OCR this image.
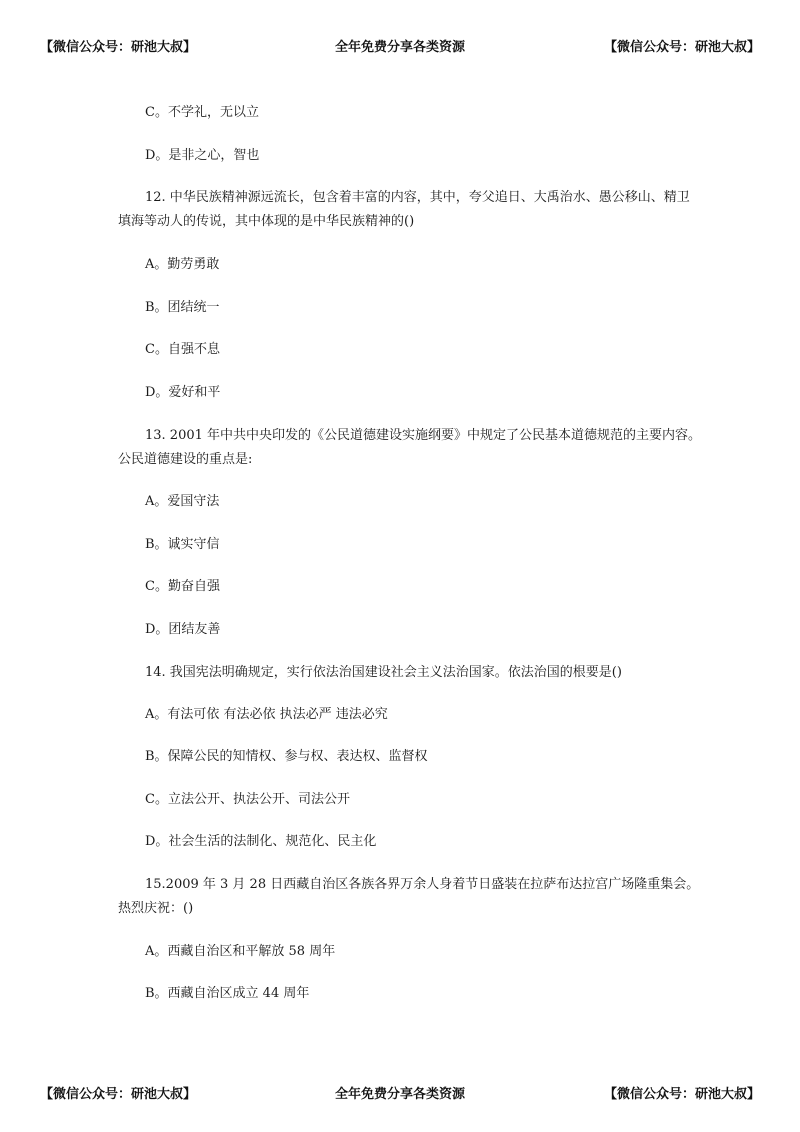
【微信公众号：研池大叔】	全年免费分享各类资源	【微信公众号：研池大叔】
C。不学礼，无以立
D。是非之心，智也
12. 中华民族精神源远流长，包含着丰富的内容，其中，夸父追日、大禹治水、愚公移山、精卫
填海等动人的传说，其中体现的是中华民族精神的()
A。勤劳勇敢
B。团结统一
C。自强不息
D。爱好和平
13. 2001 年中共中央印发的《公民道德建设实施纲要》中规定了公民基本道德规范的主要内容。
公民道德建设的重点是:
A。爱国守法
B。诚实守信
C。勤奋自强
D。团结友善
14. 我国宪法明确规定，实行依法治国建设社会主义法治国家。依法治国的根要是()
A。有法可依 有法必依 执法必严 违法必究
B。保障公民的知情权、参与权、表达权、监督权
C。立法公开、执法公开、司法公开
D。社会生活的法制化、规范化、民主化
15.2009 年 3 月 28 日西藏自治区各族各界万余人身着节日盛装在拉萨布达拉宫广场隆重集会。
热烈庆祝：()
A。西藏自治区和平解放 58 周年
B。西藏自治区成立 44 周年
【微信公众号：研池大叔】	全年免费分享各类资源	【微信公众号：研池大叔】
